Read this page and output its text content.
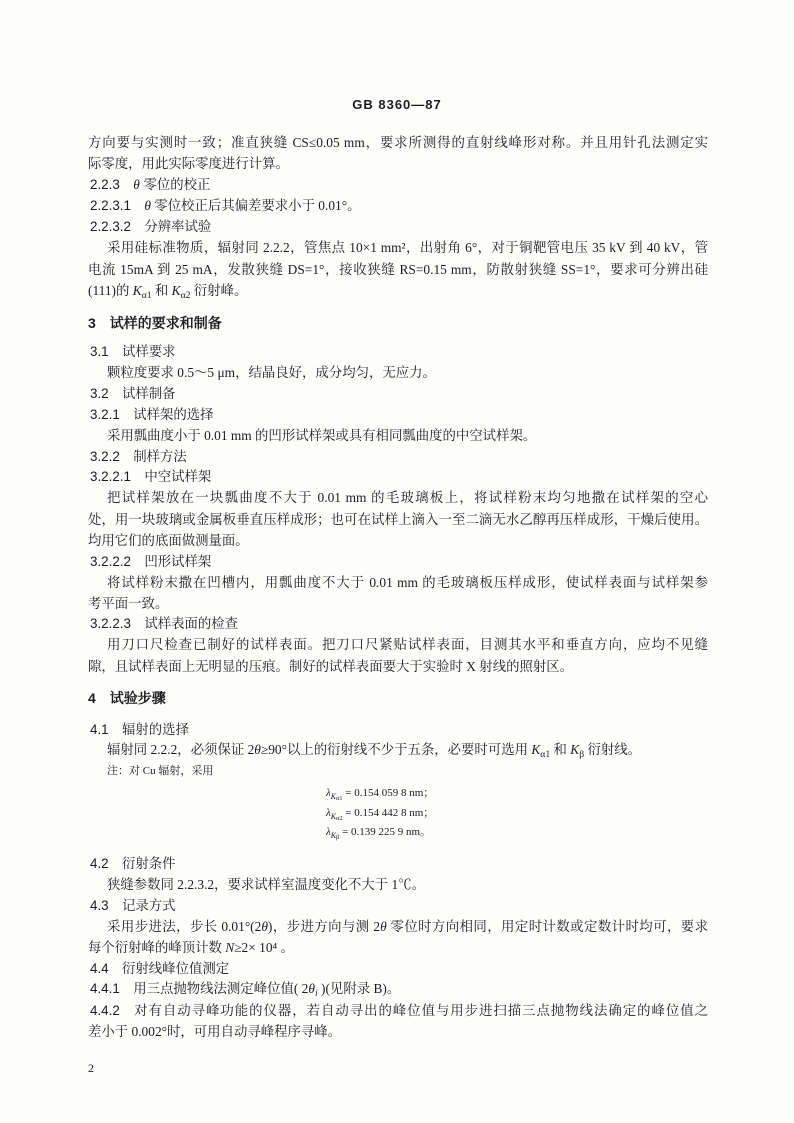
GB 8360—87
方向要与实测时一致；准直狭缝 CS≤0.05 mm，要求所测得的直射线峰形对称。并且用针孔法测定实
际零度，用此实际零度进行计算。
2.2.3 θ 零位的校正
2.2.3.1 θ 零位校正后其偏差要求小于 0.01°。
2.2.3.2 分辨率试验
采用硅标准物质，辐射同 2.2.2，管焦点 10×1 mm²，出射角 6°，对于铜靶管电压 35 kV 到 40 kV，管
电流 15mA 到 25 mA，发散狭缝 DS=1°，接收狭缝 RS=0.15 mm，防散射狭缝 SS=1°，要求可分辨出硅
(111)的 $K_{\alpha 1}$ 和 $K_{\alpha 2}$ 衍射峰。
3 试样的要求和制备
3.1 试样要求
颗粒度要求 0.5～5 μm，结晶良好，成分均匀，无应力。
3.2 试样制备
3.2.1 试样架的选择
采用瓢曲度小于 0.01 mm 的凹形试样架或具有相同瓢曲度的中空试样架。
3.2.2 制样方法
3.2.2.1 中空试样架
把试样架放在一块瓢曲度不大于 0.01 mm 的毛玻璃板上，将试样粉末均匀地撒在试样架的空心
处，用一块玻璃或金属板垂直压样成形；也可在试样上滴入一至二滴无水乙醇再压样成形，干燥后使用。
均用它们的底面做测量面。
3.2.2.2 凹形试样架
将试样粉末撒在凹槽内，用瓢曲度不大于 0.01 mm 的毛玻璃板压样成形，使试样表面与试样架参
考平面一致。
3.2.2.3 试样表面的检查
用刀口尺检查已制好的试样表面。把刀口尺紧贴试样表面，目测其水平和垂直方向，应均不见缝
隙，且试样表面上无明显的压痕。制好的试样表面要大于实验时 X 射线的照射区。
4 试验步骤
4.1 辐射的选择
辐射同 2.2.2，必须保证 2θ≥90°以上的衍射线不少于五条，必要时可选用 $K_{\alpha 1}$ 和 $K_\beta$ 衍射线。
注：对 Cu 辐射，采用
$\lambda_{K\alpha 1} = 0.154$ 059 8 nm；
$\lambda_{K\alpha 2} = 0.154$ 442 8 nm；
$\lambda_{K\beta} = 0.139$ 225 9 nm。
4.2 衍射条件
狭缝参数同 2.2.3.2，要求试样室温度变化不大于 1℃。
4.3 记录方式
采用步进法，步长 0.01°(2θ)，步进方向与测 2θ 零位时方向相同，用定时计数或定数计时均可，要求
每个衍射峰的峰顶计数 N≥2× 10⁴ 。
4.4 衍射线峰位值测定
4.4.1 用三点抛物线法测定峰位值( $2\theta_i$ )(见附录 B)。
4.4.2 对有自动寻峰功能的仪器，若自动寻出的峰位值与用步进扫描三点抛物线法确定的峰位值之
差小于 0.002°时，可用自动寻峰程序寻峰。
2
